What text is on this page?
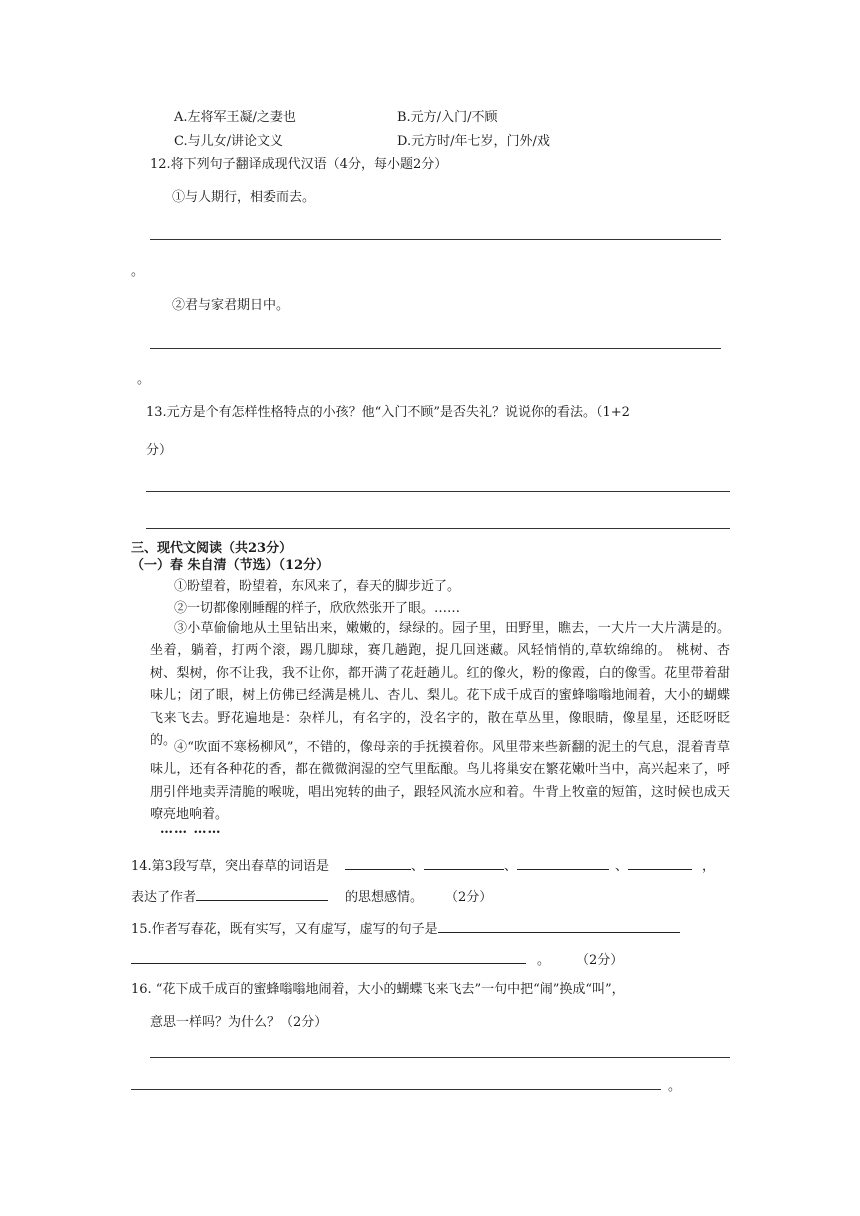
A.左将军王凝/之妻也	B.元方/入门/不顾
C.与儿女/讲论文义	D.元方时/年七岁，门外/戏
12.将下列句子翻译成现代汉语（4分，每小题2分）
①与人期行，相委而去。
。
②君与家君期日中。
。
13.元方是个有怎样性格特点的小孩？他“入门不顾”是否失礼？说说你的看法。（1+2
分）
三、现代文阅读（共23分）
（一）春 朱自清（节选）（12分）
①盼望着，盼望着，东风来了，春天的脚步近了。
②一切都像刚睡醒的样子，欣欣然张开了眼。……
③小草偷偷地从土里钻出来，嫩嫩的，绿绿的。园子里，田野里，瞧去，一大片一大片满是的。坐着，躺着，打两个滚，踢几脚球，赛几趟跑，捉几回迷藏。风轻悄悄的,草软绵绵的。 桃树、杏树、梨树，你不让我，我不让你，都开满了花赶趟儿。红的像火，粉的像霞，白的像雪。花里带着甜味儿；闭了眼，树上仿佛已经满是桃儿、杏儿、梨儿。花下成千成百的蜜蜂嗡嗡地闹着，大小的蝴蝶飞来飞去。野花遍地是：杂样儿，有名字的，没名字的，散在草丛里，像眼睛，像星星，还眨呀眨的。
④“吹面不寒杨柳风”，不错的，像母亲的手抚摸着你。风里带来些新翻的泥土的气息，混着青草味儿，还有各种花的香，都在微微润湿的空气里酝酿。鸟儿将巢安在繁花嫩叶当中，高兴起来了，呼朋引伴地卖弄清脆的喉咙，唱出宛转的曲子，跟轻风流水应和着。牛背上牧童的短笛，这时候也成天嘹亮地响着。
…… ……
14.第3段写草，突出春草的词语是	、	、	、	，
表达了作者	的思想感情。 （2分）
15.作者写春花，既有实写，又有虚写，虚写的句子是
。 （2分）
16. “花下成千成百的蜜蜂嗡嗡地闹着，大小的蝴蝶飞来飞去”一句中把“闹”换成“叫”，
意思一样吗？为什么？（2分）
。
